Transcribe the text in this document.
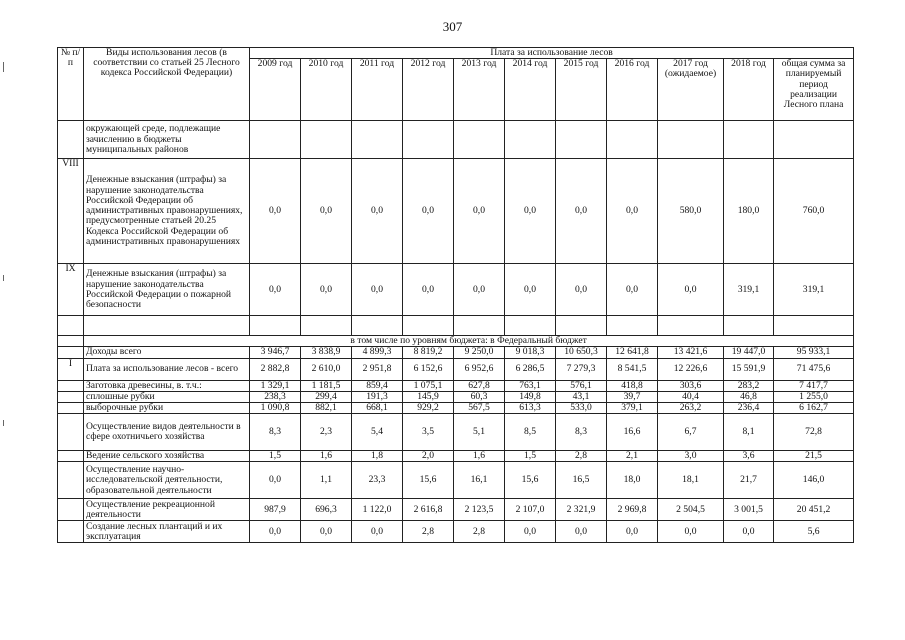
307
№ п/п	Виды использования лесов (в соответствии со статьей 25 Лесного кодекса Российской Федерации)	Плата за использование лесов										
		2009 год	2010 год	2011 год	2012 год	2013 год	2014 год	2015 год	2016 год	2017 год (ожидаемое)	2018 год	общая сумма за планируемый период реализации Лесного плана
	окружающей среде, подлежащие зачислению в бюджеты муниципальных районов											
VIII	Денежные взыскания (штрафы) за нарушение законодательства Российской Федерации об административных правонарушениях, предусмотренные статьей 20.25 Кодекса Российской Федерации об административных правонарушениях	0,0	0,0	0,0	0,0	0,0	0,0	0,0	0,0	580,0	180,0	760,0
IX	Денежные взыскания (штрафы) за нарушение законодательства Российской Федерации о пожарной безопасности	0,0	0,0	0,0	0,0	0,0	0,0	0,0	0,0	0,0	319,1	319,1

	в том числе по уровням бюджета: в Федеральный бюджет											
	Доходы всего	3 946,7	3 838,9	4 899,3	8 819,2	9 250,0	9 018,3	10 650,3	12 641,8	13 421,6	19 447,0	95 933,1
I	Плата за использование лесов - всего	2 882,8	2 610,0	2 951,8	6 152,6	6 952,6	6 286,5	7 279,3	8 541,5	12 226,6	15 591,9	71 475,6
	Заготовка древесины, в. т.ч.:	1 329,1	1 181,5	859,4	1 075,1	627,8	763,1	576,1	418,8	303,6	283,2	7 417,7
	сплошные рубки	238,3	299,4	191,3	145,9	60,3	149,8	43,1	39,7	40,4	46,8	1 255,0
	выборочные рубки	1 090,8	882,1	668,1	929,2	567,5	613,3	533,0	379,1	263,2	236,4	6 162,7
	Осуществление видов деятельности в сфере охотничьего хозяйства	8,3	2,3	5,4	3,5	5,1	8,5	8,3	16,6	6,7	8,1	72,8
	Ведение сельского хозяйства	1,5	1,6	1,8	2,0	1,6	1,5	2,8	2,1	3,0	3,6	21,5
	Осуществление научно-исследовательской деятельности, образовательной деятельности	0,0	1,1	23,3	15,6	16,1	15,6	16,5	18,0	18,1	21,7	146,0
	Осуществление рекреационной деятельности	987,9	696,3	1 122,0	2 616,8	2 123,5	2 107,0	2 321,9	2 969,8	2 504,5	3 001,5	20 451,2
	Создание лесных плантаций и их эксплуатация	0,0	0,0	0,0	2,8	2,8	0,0	0,0	0,0	0,0	0,0	5,6
